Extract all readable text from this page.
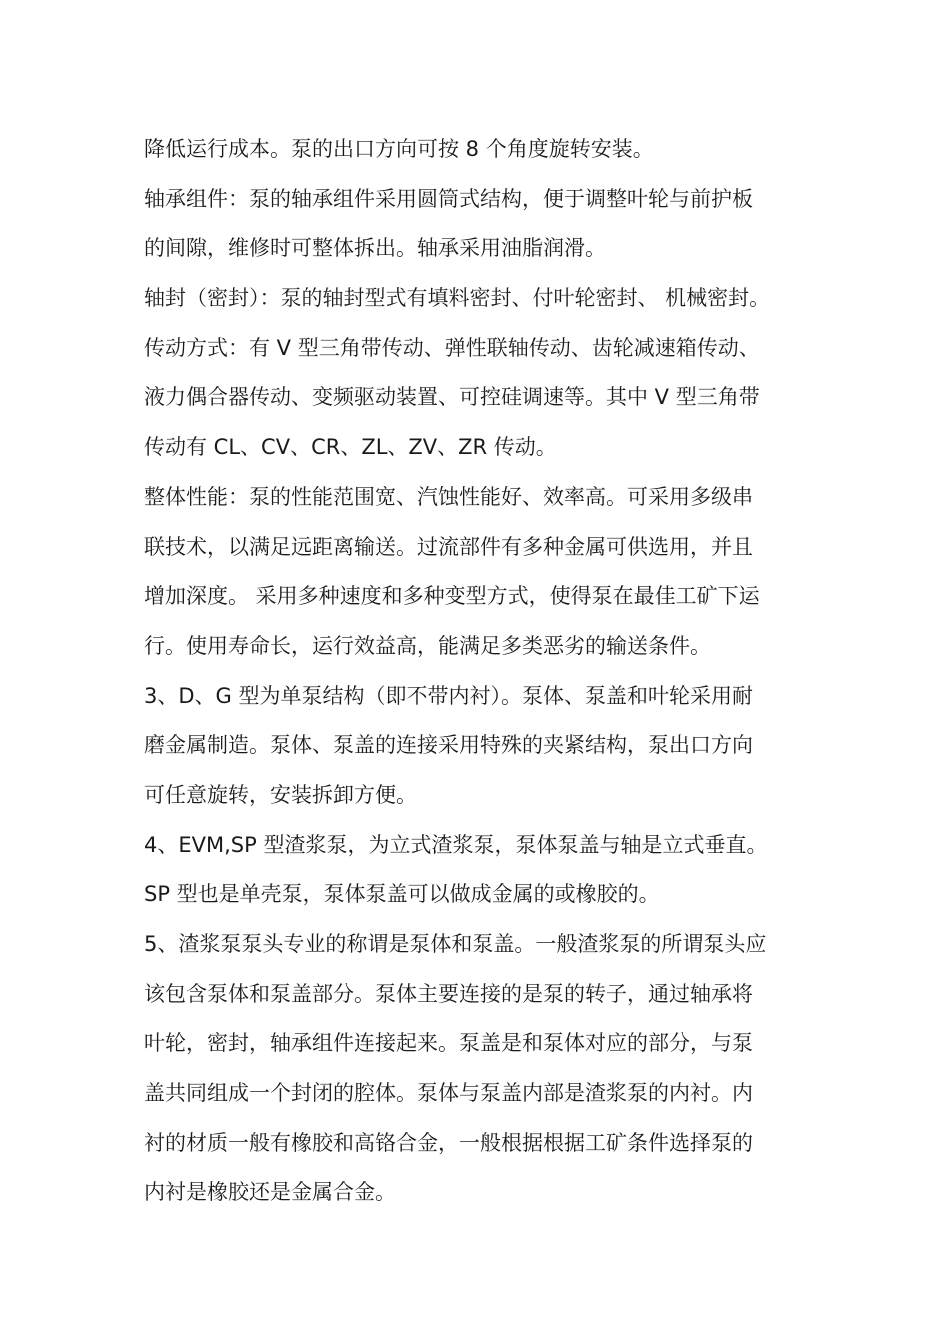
降低运行成本。泵的出口方向可按 8 个角度旋转安装。
轴承组件：泵的轴承组件采用圆筒式结构，便于调整叶轮与前护板
的间隙，维修时可整体拆出。轴承采用油脂润滑。
轴封（密封）：泵的轴封型式有填料密封、付叶轮密封、 机械密封。
传动方式：有 V 型三角带传动、弹性联轴传动、齿轮减速箱传动、
液力偶合器传动、变频驱动装置、可控硅调速等。其中 V 型三角带
传动有 CL、CV、CR、ZL、ZV、ZR 传动。
整体性能：泵的性能范围宽、汽蚀性能好、效率高。可采用多级串
联技术，以满足远距离输送。过流部件有多种金属可供选用，并且
增加深度。 采用多种速度和多种变型方式，使得泵在最佳工矿下运
行。使用寿命长，运行效益高，能满足多类恶劣的输送条件。
3、D、G 型为单泵结构（即不带内衬）。泵体、泵盖和叶轮采用耐
磨金属制造。泵体、泵盖的连接采用特殊的夹紧结构，泵出口方向
可任意旋转，安装拆卸方便。
4、EVM,SP 型渣浆泵，为立式渣浆泵，泵体泵盖与轴是立式垂直。
SP 型也是单壳泵，泵体泵盖可以做成金属的或橡胶的。
5、渣浆泵泵头专业的称谓是泵体和泵盖。一般渣浆泵的所谓泵头应
该包含泵体和泵盖部分。泵体主要连接的是泵的转子，通过轴承将
叶轮，密封，轴承组件连接起来。泵盖是和泵体对应的部分，与泵
盖共同组成一个封闭的腔体。泵体与泵盖内部是渣浆泵的内衬。内
衬的材质一般有橡胶和高铬合金，一般根据根据工矿条件选择泵的
内衬是橡胶还是金属合金。
